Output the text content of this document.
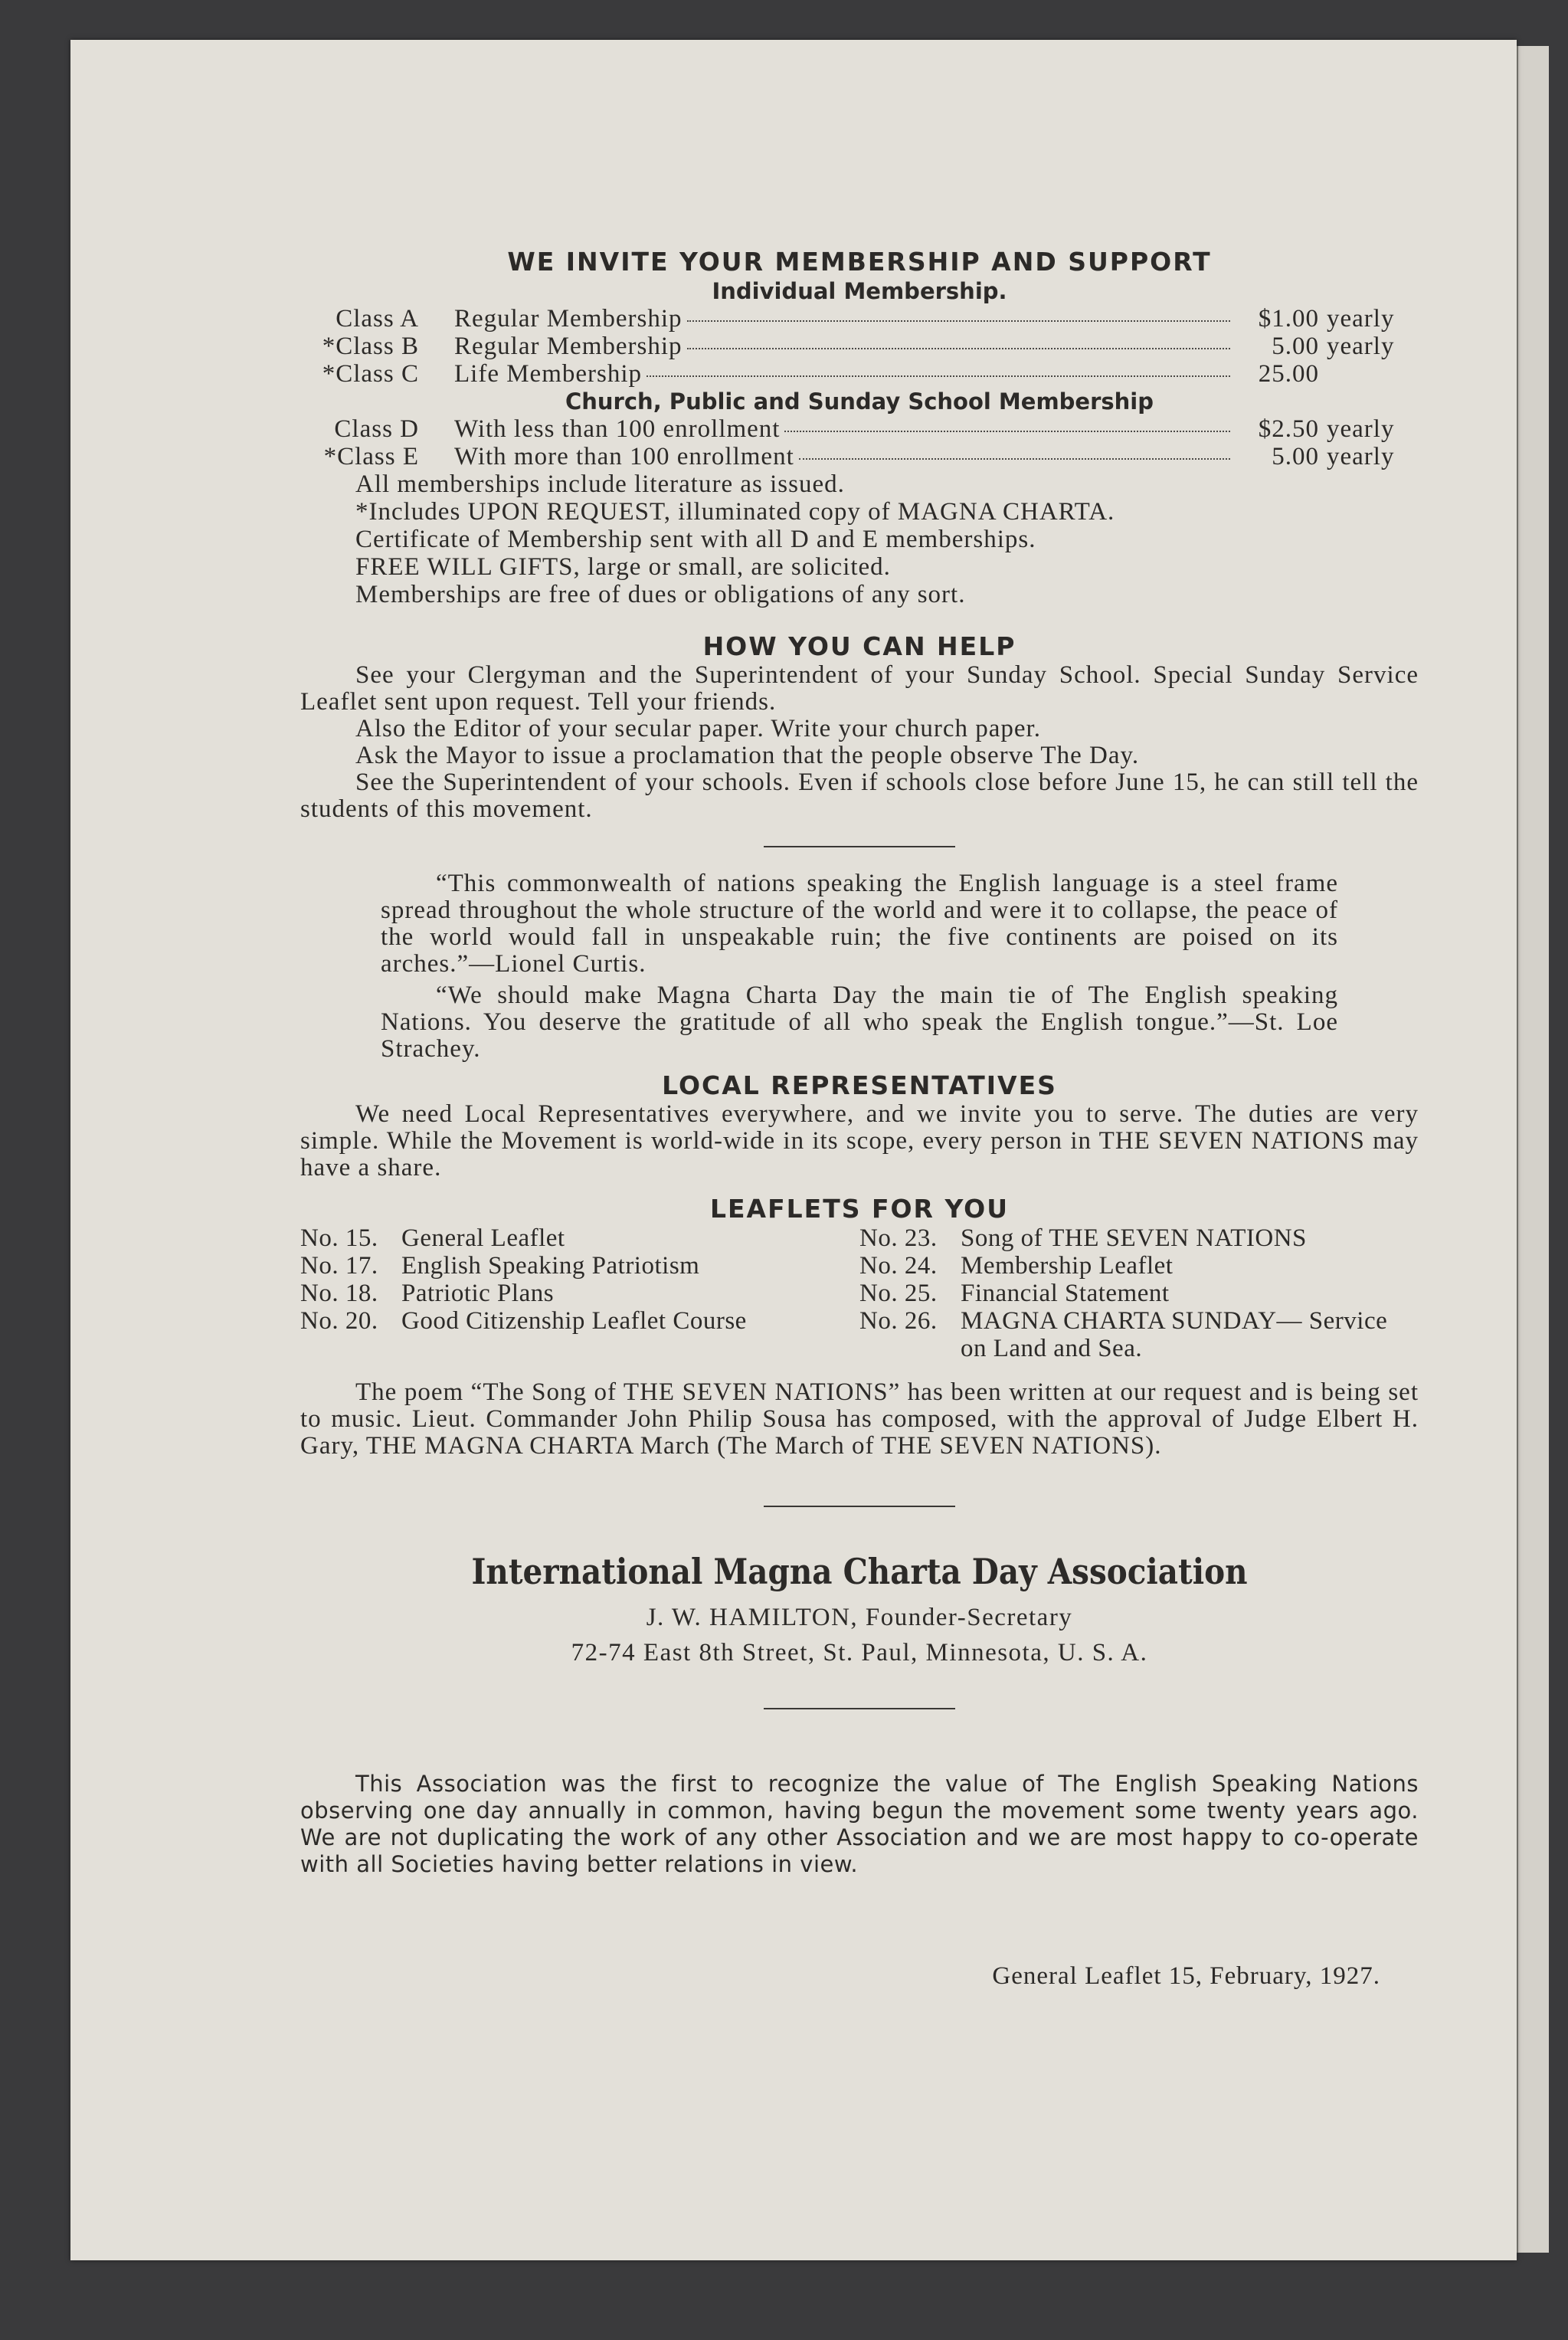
WE INVITE YOUR MEMBERSHIP AND SUPPORT
Individual Membership.
Class A	Regular Membership	$1.00 yearly
*Class B	Regular Membership	5.00 yearly
*Class C	Life Membership	25.00
Church, Public and Sunday School Membership
Class D	With less than 100 enrollment	$2.50 yearly
*Class E	With more than 100 enrollment	5.00 yearly
All memberships include literature as issued.
*Includes UPON REQUEST, illuminated copy of MAGNA CHARTA.
Certificate of Membership sent with all D and E memberships.
FREE WILL GIFTS, large or small, are solicited.
Memberships are free of dues or obligations of any sort.
HOW YOU CAN HELP
See your Clergyman and the Superintendent of your Sunday School. Special Sunday Service Leaflet sent upon request. Tell your friends.
Also the Editor of your secular paper. Write your church paper.
Ask the Mayor to issue a proclamation that the people observe The Day.
See the Superintendent of your schools. Even if schools close before June 15, he can still tell the students of this movement.
“This commonwealth of nations speaking the English language is a steel frame spread throughout the whole structure of the world and were it to collapse, the peace of the world would fall in unspeakable ruin; the five continents are poised on its arches.”—Lionel Curtis.
“We should make Magna Charta Day the main tie of The English speaking Nations. You deserve the gratitude of all who speak the English tongue.”—St. Loe Strachey.
LOCAL REPRESENTATIVES
We need Local Representatives everywhere, and we invite you to serve. The duties are very simple. While the Movement is world-wide in its scope, every person in THE SEVEN NATIONS may have a share.
LEAFLETS FOR YOU
No. 15. General Leaflet
No. 17. English Speaking Patriotism
No. 18. Patriotic Plans
No. 20. Good Citizenship Leaflet Course
No. 23. Song of THE SEVEN NATIONS
No. 24. Membership Leaflet
No. 25. Financial Statement
No. 26. MAGNA CHARTA SUNDAY— Service on Land and Sea.
The poem “The Song of THE SEVEN NATIONS” has been written at our request and is being set to music. Lieut. Commander John Philip Sousa has composed, with the approval of Judge Elbert H. Gary, THE MAGNA CHARTA March (The March of THE SEVEN NATIONS).
International Magna Charta Day Association
J. W. HAMILTON, Founder-Secretary
72-74 East 8th Street, St. Paul, Minnesota, U. S. A.
This Association was the first to recognize the value of The English Speaking Nations observing one day annually in common, having begun the movement some twenty years ago. We are not duplicating the work of any other Association and we are most happy to co-operate with all Societies having better relations in view.
General Leaflet 15, February, 1927.
